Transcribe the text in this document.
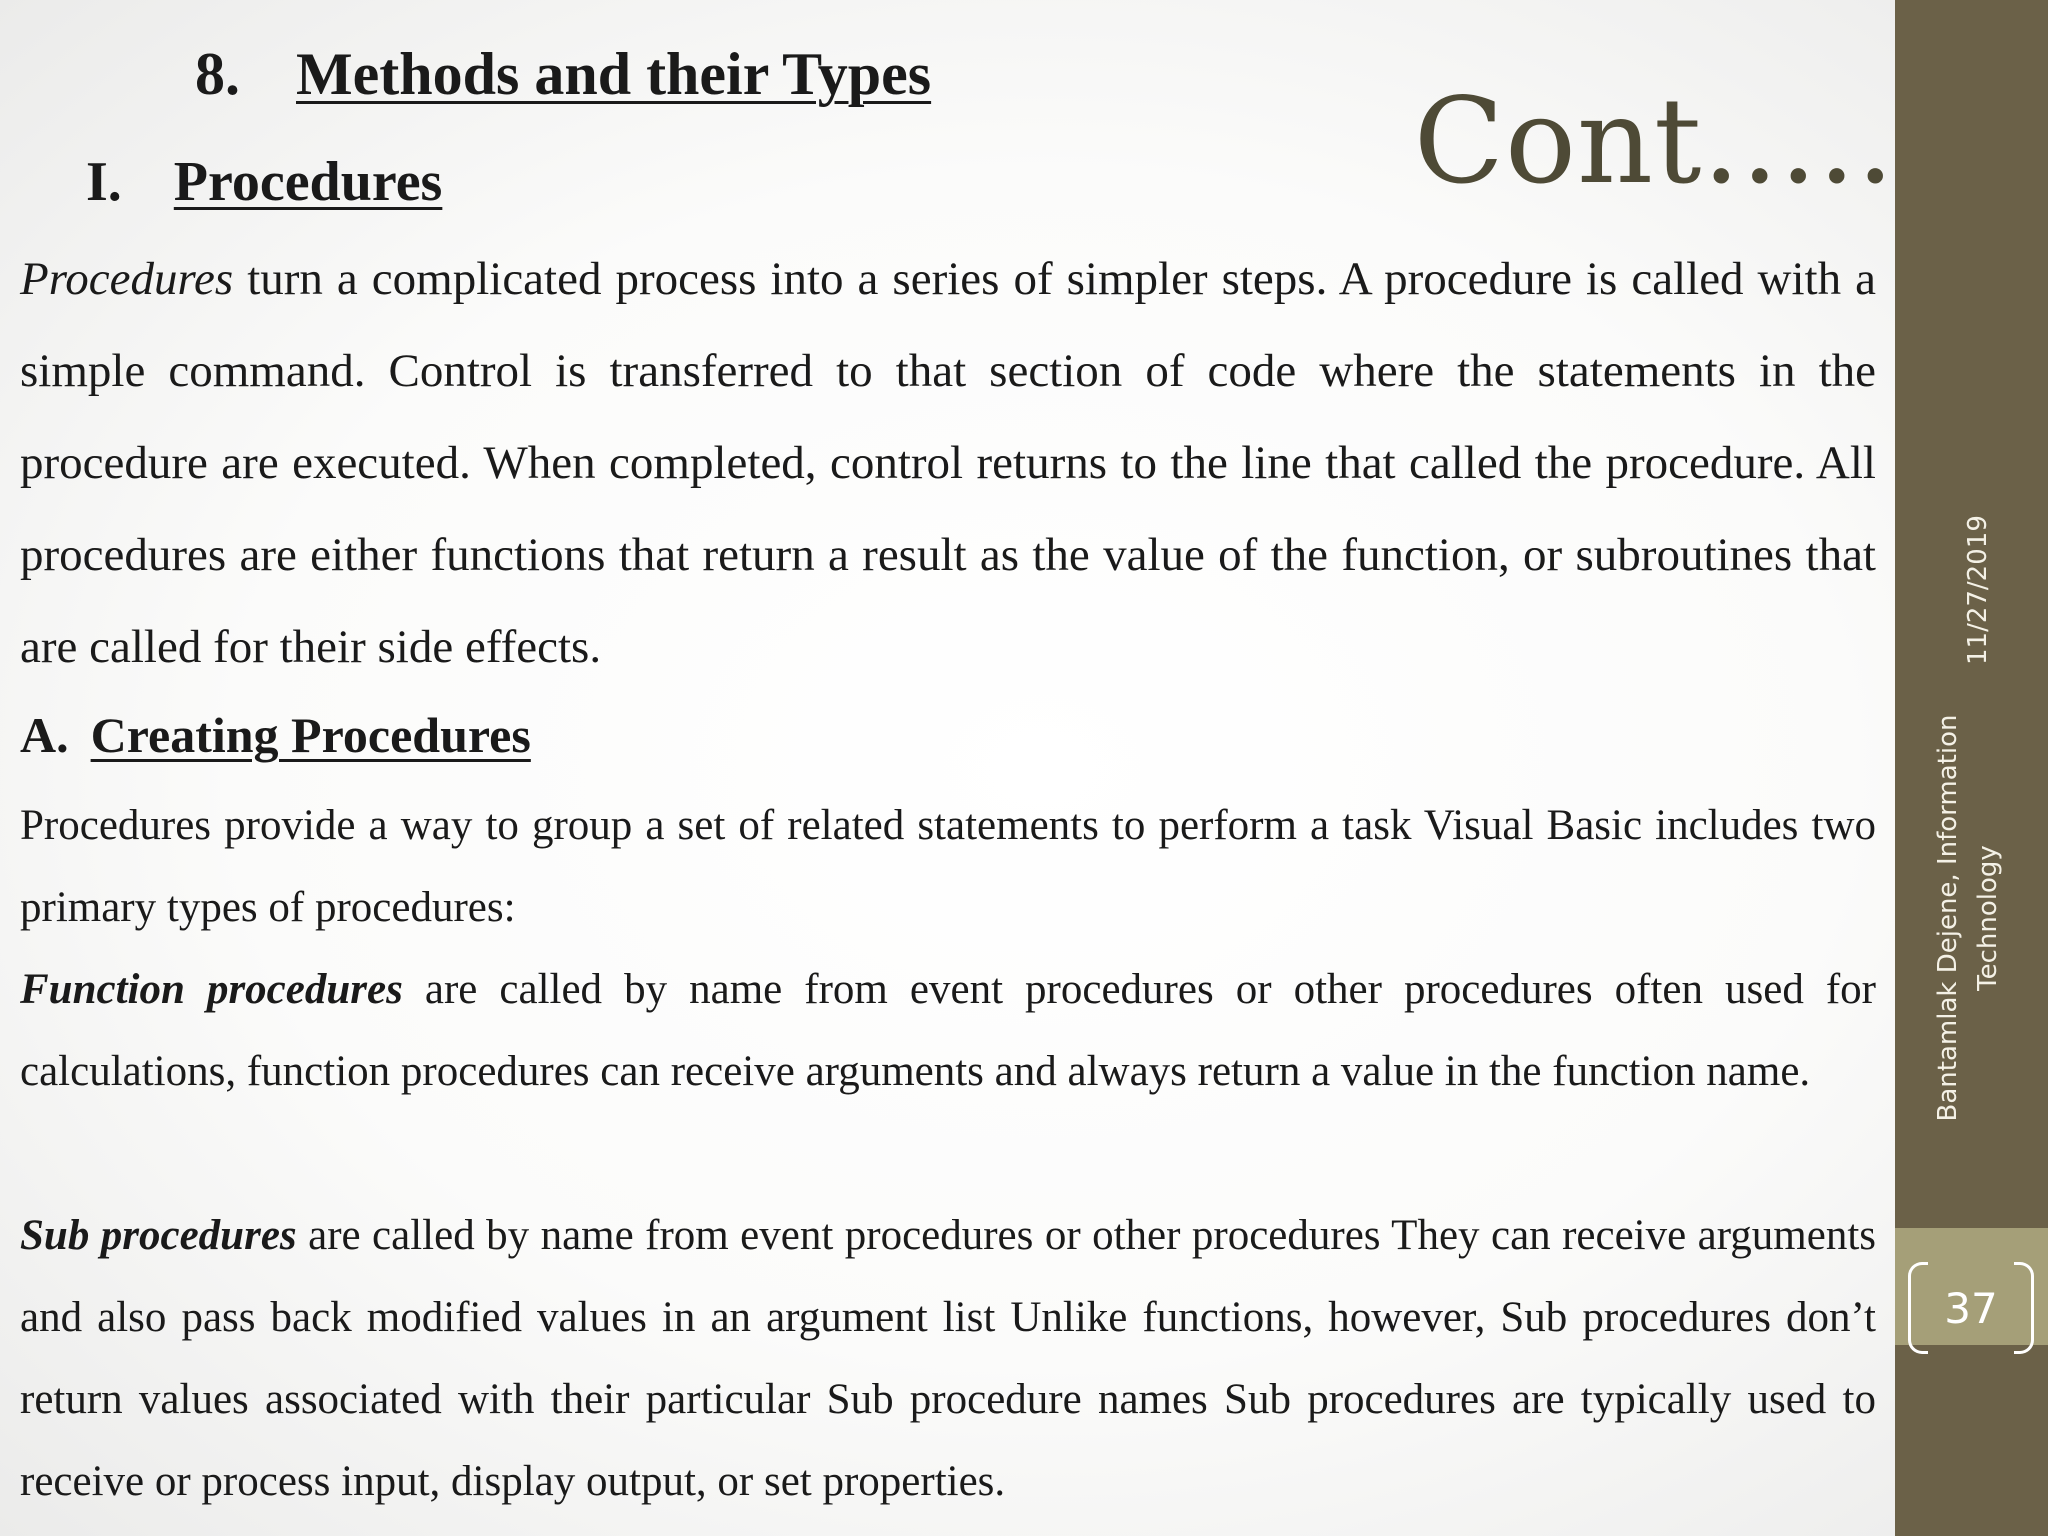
8. Methods and their Types	Cont.....
I. Procedures

Procedures turn a complicated process into a series of simpler steps. A procedure is called with a simple command. Control is transferred to that section of code where the statements in the procedure are executed. When completed, control returns to the line that called the procedure. All procedures are either functions that return a result as the value of the function, or subroutines that are called for their side effects.

A. Creating Procedures

Procedures provide a way to group a set of related statements to perform a task Visual Basic includes two primary types of procedures:

Function procedures are called by name from event procedures or other procedures often used for calculations, function procedures can receive arguments and always return a value in the function name.

Sub procedures are called by name from event procedures or other procedures They can receive arguments and also pass back modified values in an argument list Unlike functions, however, Sub procedures don’t return values associated with their particular Sub procedure names Sub procedures are typically used to receive or process input, display output, or set properties.

11/27/2019
Bantamlak Dejene, Information Technology
37
